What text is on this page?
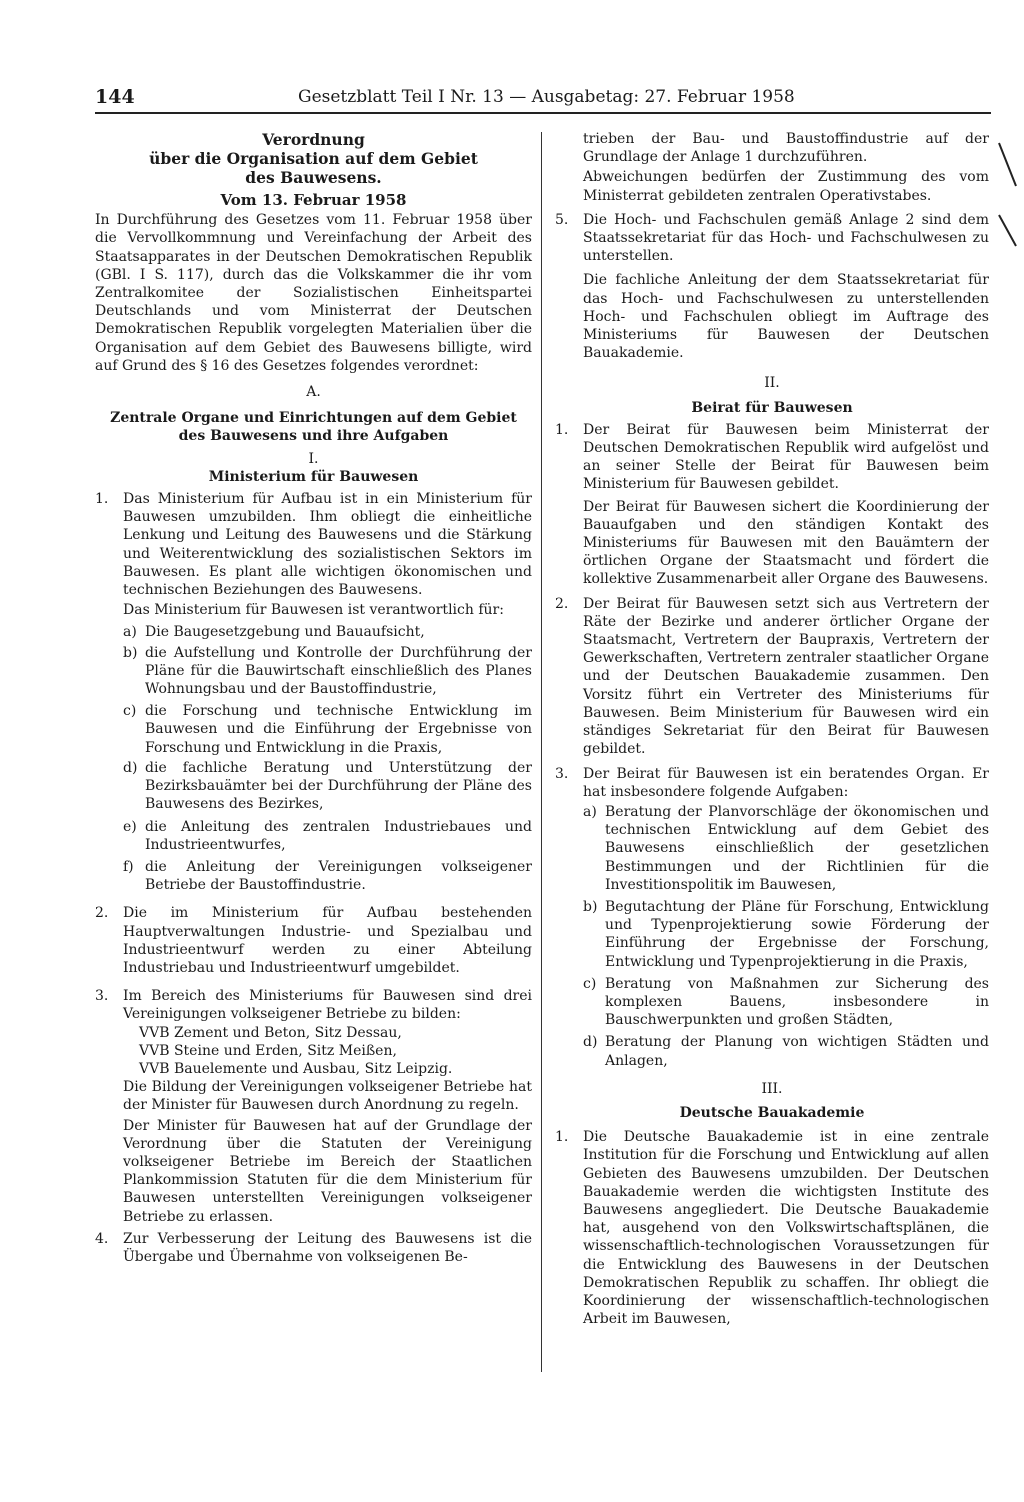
144	Gesetzblatt Teil I Nr. 13 — Ausgabetag: 27. Februar 1958

Verordnung

über die Organisation auf dem Gebiet

des Bauwesens.

Vom 13. Februar 1958

In Durchführung des Gesetzes vom 11. Februar 1958 über die Vervollkommnung und Vereinfachung der Arbeit des Staatsapparates in der Deutschen Demokratischen Republik (GBl. I S. 117), durch das die Volkskammer die ihr vom Zentralkomitee der Sozialistischen Einheitspartei Deutschlands und vom Ministerrat der Deutschen Demokratischen Republik vorgelegten Materialien über die Organisation auf dem Gebiet des Bauwesens billigte, wird auf Grund des § 16 des Gesetzes folgendes verordnet:

A.

Zentrale Organe und Einrichtungen auf dem Gebiet

des Bauwesens und ihre Aufgaben

I.

Ministerium für Bauwesen

1.	Das Ministerium für Aufbau ist in ein Ministerium für Bauwesen umzubilden. Ihm obliegt die einheitliche Lenkung und Leitung des Bauwesens und die Stärkung und Weiterentwicklung des sozialistischen Sektors im Bauwesen. Es plant alle wichtigen ökonomischen und technischen Beziehungen des Bauwesens.

Das Ministerium für Bauwesen ist verantwortlich für:

a) Die Baugesetzgebung und Bauaufsicht,

b) die Aufstellung und Kontrolle der Durchführung der Pläne für die Bauwirtschaft einschließlich des Planes Wohnungsbau und der Baustoffindustrie,

c) die Forschung und technische Entwicklung im Bauwesen und die Einführung der Ergebnisse von Forschung und Entwicklung in die Praxis,

d) die fachliche Beratung und Unterstützung der Bezirksbauämter bei der Durchführung der Pläne des Bauwesens des Bezirkes,

e) die Anleitung des zentralen Industriebaues und Industrieentwurfes,

f) die Anleitung der Vereinigungen volkseigener Betriebe der Baustoffindustrie.

2.	Die im Ministerium für Aufbau bestehenden Hauptverwaltungen Industrie- und Spezialbau und Industrieentwurf werden zu einer Abteilung Industriebau und Industrieentwurf umgebildet.

3.	Im Bereich des Ministeriums für Bauwesen sind drei Vereinigungen volkseigener Betriebe zu bilden:

VVB Zement und Beton, Sitz Dessau,

VVB Steine und Erden, Sitz Meißen,

VVB Bauelemente und Ausbau, Sitz Leipzig.

Die Bildung der Vereinigungen volkseigener Betriebe hat der Minister für Bauwesen durch Anordnung zu regeln.

Der Minister für Bauwesen hat auf der Grundlage der Verordnung über die Statuten der Vereinigung volkseigener Betriebe im Bereich der Staatlichen Plankommission Statuten für die dem Ministerium für Bauwesen unterstellten Vereinigungen volkseigener Betriebe zu erlassen.

4.	Zur Verbesserung der Leitung des Bauwesens ist die Übergabe und Übernahme von volkseigenen Be-

trieben der Bau- und Baustoffindustrie auf der Grundlage der Anlage 1 durchzuführen.

Abweichungen bedürfen der Zustimmung des vom Ministerrat gebildeten zentralen Operativstabes.

5.	Die Hoch- und Fachschulen gemäß Anlage 2 sind dem Staatssekretariat für das Hoch- und Fachschulwesen zu unterstellen.

Die fachliche Anleitung der dem Staatssekretariat für das Hoch- und Fachschulwesen zu unterstellenden Hoch- und Fachschulen obliegt im Auftrage des Ministeriums für Bauwesen der Deutschen Bauakademie.

II.

Beirat für Bauwesen

1.	Der Beirat für Bauwesen beim Ministerrat der Deutschen Demokratischen Republik wird aufgelöst und an seiner Stelle der Beirat für Bauwesen beim Ministerium für Bauwesen gebildet.

Der Beirat für Bauwesen sichert die Koordinierung der Bauaufgaben und den ständigen Kontakt des Ministeriums für Bauwesen mit den Bauämtern der örtlichen Organe der Staatsmacht und fördert die kollektive Zusammenarbeit aller Organe des Bauwesens.

2.	Der Beirat für Bauwesen setzt sich aus Vertretern der Räte der Bezirke und anderer örtlicher Organe der Staatsmacht, Vertretern der Baupraxis, Vertretern der Gewerkschaften, Vertretern zentraler staatlicher Organe und der Deutschen Bauakademie zusammen. Den Vorsitz führt ein Vertreter des Ministeriums für Bauwesen. Beim Ministerium für Bauwesen wird ein ständiges Sekretariat für den Beirat für Bauwesen gebildet.

3.	Der Beirat für Bauwesen ist ein beratendes Organ. Er hat insbesondere folgende Aufgaben:

a) Beratung der Planvorschläge der ökonomischen und technischen Entwicklung auf dem Gebiet des Bauwesens einschließlich der gesetzlichen Bestimmungen und der Richtlinien für die Investitionspolitik im Bauwesen,

b) Begutachtung der Pläne für Forschung, Entwicklung und Typenprojektierung sowie Förderung der Einführung der Ergebnisse der Forschung, Entwicklung und Typenprojektierung in die Praxis,

c) Beratung von Maßnahmen zur Sicherung des komplexen Bauens, insbesondere in Bauschwerpunkten und großen Städten,

d) Beratung der Planung von wichtigen Städten und Anlagen,

III.

Deutsche Bauakademie

1.	Die Deutsche Bauakademie ist in eine zentrale Institution für die Forschung und Entwicklung auf allen Gebieten des Bauwesens umzubilden. Der Deutschen Bauakademie werden die wichtigsten Institute des Bauwesens angegliedert. Die Deutsche Bauakademie hat, ausgehend von den Volkswirtschaftsplänen, die wissenschaftlich-technologischen Voraussetzungen für die Entwicklung des Bauwesens in der Deutschen Demokratischen Republik zu schaffen. Ihr obliegt die Koordinierung der wissenschaftlich-technologischen Arbeit im Bauwesen,
